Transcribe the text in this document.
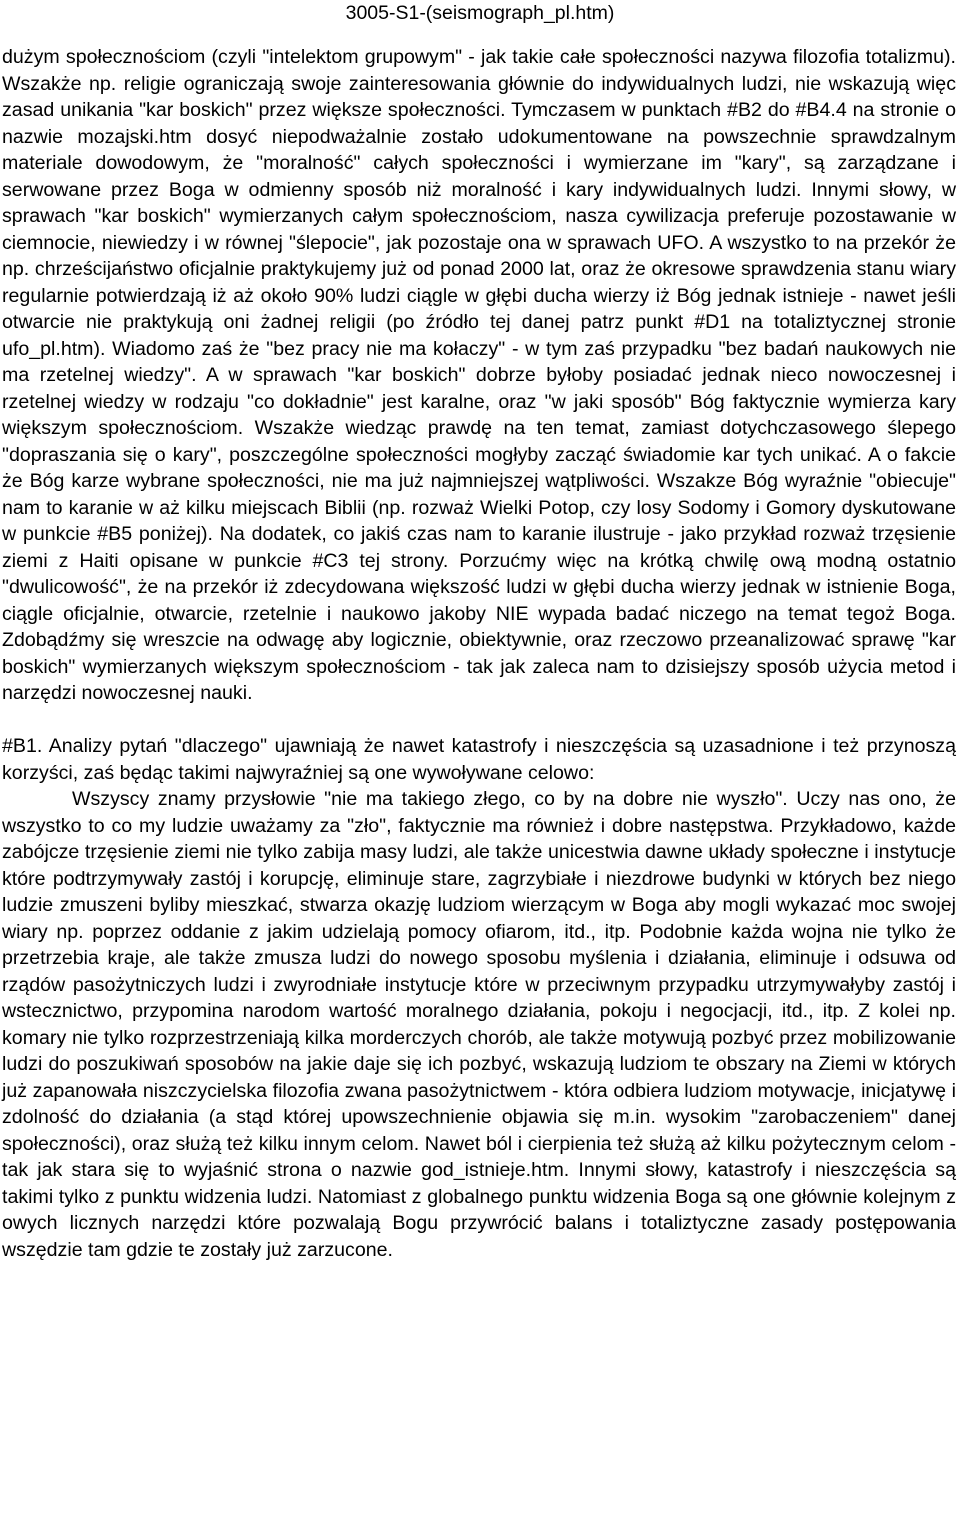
3005-S1-(seismograph_pl.htm)

dużym społecznościom (czyli "intelektom grupowym" - jak takie całe społeczności nazywa filozofia totalizmu). Wszakże np. religie ograniczają swoje zainteresowania głównie do indywidualnych ludzi, nie wskazują więc zasad unikania "kar boskich" przez większe społeczności. Tymczasem w punktach #B2 do #B4.4 na stronie o nazwie mozajski.htm dosyć niepodważalnie zostało udokumentowane na powszechnie sprawdzalnym materiale dowodowym, że "moralność" całych społeczności i wymierzane im "kary", są zarządzane i serwowane przez Boga w odmienny sposób niż moralność i kary indywidualnych ludzi. Innymi słowy, w sprawach "kar boskich" wymierzanych całym społecznościom, nasza cywilizacja preferuje pozostawanie w ciemnocie, niewiedzy i w równej "ślepocie", jak pozostaje ona w sprawach UFO. A wszystko to na przekór że np. chrześcijaństwo oficjalnie praktykujemy już od ponad 2000 lat, oraz że okresowe sprawdzenia stanu wiary regularnie potwierdzają iż aż około 90% ludzi ciągle w głębi ducha wierzy iż Bóg jednak istnieje - nawet jeśli otwarcie nie praktykują oni żadnej religii (po źródło tej danej patrz punkt #D1 na totaliztycznej stronie ufo_pl.htm). Wiadomo zaś że "bez pracy nie ma kołaczy" - w tym zaś przypadku "bez badań naukowych nie ma rzetelnej wiedzy". A w sprawach "kar boskich" dobrze byłoby posiadać jednak nieco nowoczesnej i rzetelnej wiedzy w rodzaju "co dokładnie" jest karalne, oraz "w jaki sposób" Bóg faktycznie wymierza kary większym społecznościom. Wszakże wiedząc prawdę na ten temat, zamiast dotychczasowego ślepego "dopraszania się o kary", poszczególne społeczności mogłyby zacząć świadomie kar tych unikać. A o fakcie że Bóg karze wybrane społeczności, nie ma już najmniejszej wątpliwości. Wszakze Bóg wyraźnie "obiecuje" nam to karanie w aż kilku miejscach Biblii (np. rozważ Wielki Potop, czy losy Sodomy i Gomory dyskutowane w punkcie #B5 poniżej). Na dodatek, co jakiś czas nam to karanie ilustruje - jako przykład rozważ trzęsienie ziemi z Haiti opisane w punkcie #C3 tej strony. Porzućmy więc na krótką chwilę ową modną ostatnio "dwulicowość", że na przekór iż zdecydowana większość ludzi w głębi ducha wierzy jednak w istnienie Boga, ciągle oficjalnie, otwarcie, rzetelnie i naukowo jakoby NIE wypada badać niczego na temat tegoż Boga. Zdobądźmy się wreszcie na odwagę aby logicznie, obiektywnie, oraz rzeczowo przeanalizować sprawę "kar boskich" wymierzanych większym społecznościom - tak jak zaleca nam to dzisiejszy sposób użycia metod i narzędzi nowoczesnej nauki.

#B1. Analizy pytań "dlaczego" ujawniają że nawet katastrofy i nieszczęścia są uzasadnione i też przynoszą korzyści, zaś będąc takimi najwyraźniej są one wywoływane celowo:

Wszyscy znamy przysłowie "nie ma takiego złego, co by na dobre nie wyszło". Uczy nas ono, że wszystko to co my ludzie uważamy za "zło", faktycznie ma również i dobre następstwa. Przykładowo, każde zabójcze trzęsienie ziemi nie tylko zabija masy ludzi, ale także unicestwia dawne układy społeczne i instytucje które podtrzymywały zastój i korupcję, eliminuje stare, zagrzybiałe i niezdrowe budynki w których bez niego ludzie zmuszeni byliby mieszkać, stwarza okazję ludziom wierzącym w Boga aby mogli wykazać moc swojej wiary np. poprzez oddanie z jakim udzielają pomocy ofiarom, itd., itp. Podobnie każda wojna nie tylko że przetrzebia kraje, ale także zmusza ludzi do nowego sposobu myślenia i działania, eliminuje i odsuwa od rządów pasożytniczych ludzi i zwyrodniałe instytucje które w przeciwnym przypadku utrzymywałyby zastój i wstecznictwo, przypomina narodom wartość moralnego działania, pokoju i negocjacji, itd., itp. Z kolei np. komary nie tylko rozprzestrzeniają kilka morderczych chorób, ale także motywują pozbyć przez mobilizowanie ludzi do poszukiwań sposobów na jakie daje się ich pozbyć, wskazują ludziom te obszary na Ziemi w których już zapanowała niszczycielska filozofia zwana pasożytnictwem - która odbiera ludziom motywacje, inicjatywę i zdolność do działania (a stąd której upowszechnienie objawia się m.in. wysokim "zarobaczeniem" danej społeczności), oraz służą też kilku innym celom. Nawet ból i cierpienia też służą aż kilku pożytecznym celom - tak jak stara się to wyjaśnić strona o nazwie god_istnieje.htm. Innymi słowy, katastrofy i nieszczęścia są takimi tylko z punktu widzenia ludzi. Natomiast z globalnego punktu widzenia Boga są one głównie kolejnym z owych licznych narzędzi które pozwalają Bogu przywrócić balans i totaliztyczne zasady postępowania wszędzie tam gdzie te zostały już zarzucone.
